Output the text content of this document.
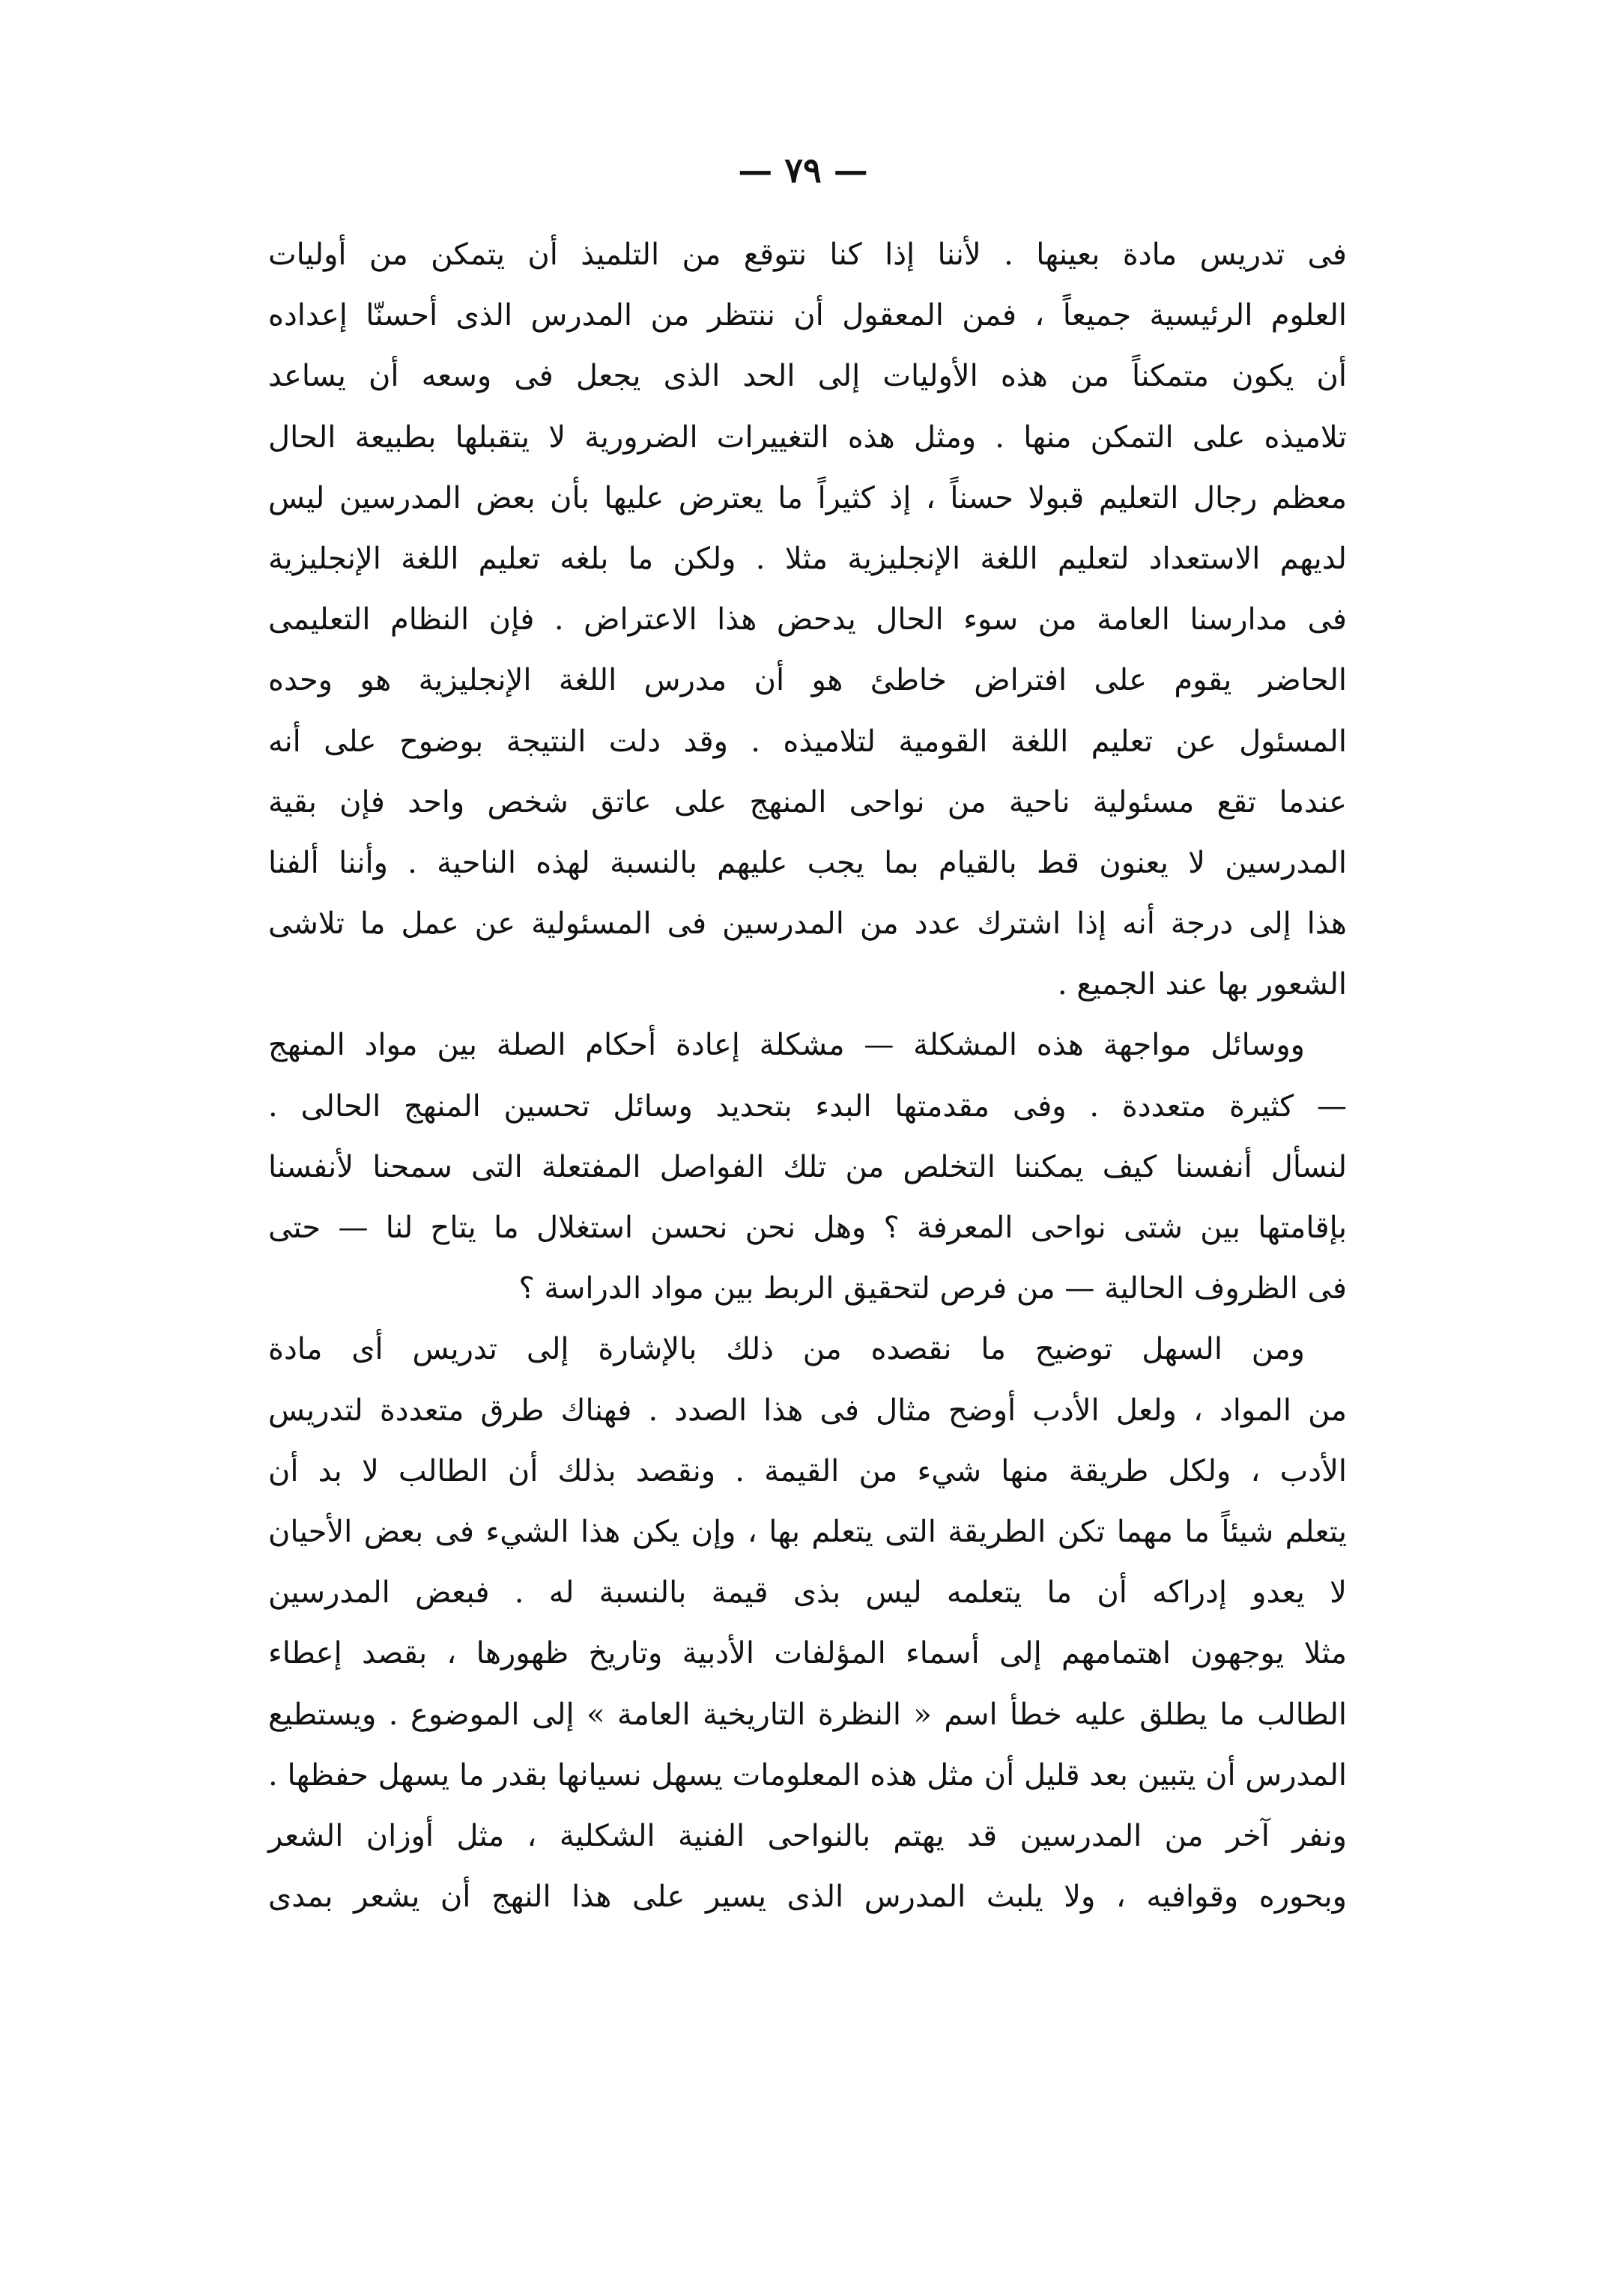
— ٧٩ —
فى تدريس مادة بعينها . لأننا إذا كنا نتوقع من التلميذ أن يتمكن من أوليات
العلوم الرئيسية جميعاً ، فمن المعقول أن ننتظر من المدرس الذى أحسنّا إعداده
أن يكون متمكناً من هذه الأوليات إلى الحد الذى يجعل فى وسعه أن يساعد
تلاميذه على التمكن منها . ومثل هذه التغييرات الضرورية لا يتقبلها بطبيعة الحال
معظم رجال التعليم قبولا حسناً ، إذ كثيراً ما يعترض عليها بأن بعض المدرسين ليس
لديهم الاستعداد لتعليم اللغة الإنجليزية مثلا . ولكن ما بلغه تعليم اللغة الإنجليزية
فى مدارسنا العامة من سوء الحال يدحض هذا الاعتراض . فإن النظام التعليمى
الحاضر يقوم على افتراض خاطئ هو أن مدرس اللغة الإنجليزية هو وحده
المسئول عن تعليم اللغة القومية لتلاميذه . وقد دلت النتيجة بوضوح على أنه
عندما تقع مسئولية ناحية من نواحى المنهج على عاتق شخص واحد فإن بقية
المدرسين لا يعنون قط بالقيام بما يجب عليهم بالنسبة لهذه الناحية . وأننا ألفنا
هذا إلى درجة أنه إذا اشترك عدد من المدرسين فى المسئولية عن عمل ما تلاشى
الشعور بها عند الجميع .
ووسائل مواجهة هذه المشكلة — مشكلة إعادة أحكام الصلة بين مواد المنهج
— كثيرة متعددة . وفى مقدمتها البدء بتحديد وسائل تحسين المنهج الحالى .
لنسأل أنفسنا كيف يمكننا التخلص من تلك الفواصل المفتعلة التى سمحنا لأنفسنا
بإقامتها بين شتى نواحى المعرفة ؟ وهل نحن نحسن استغلال ما يتاح لنا — حتى
فى الظروف الحالية — من فرص لتحقيق الربط بين مواد الدراسة ؟
ومن السهل توضيح ما نقصده من ذلك بالإشارة إلى تدريس أى مادة
من المواد ، ولعل الأدب أوضح مثال فى هذا الصدد . فهناك طرق متعددة لتدريس
الأدب ، ولكل طريقة منها شيء من القيمة . ونقصد بذلك أن الطالب لا بد أن
يتعلم شيئاً ما مهما تكن الطريقة التى يتعلم بها ، وإن يكن هذا الشيء فى بعض الأحيان
لا يعدو إدراكه أن ما يتعلمه ليس بذى قيمة بالنسبة له . فبعض المدرسين
مثلا يوجهون اهتمامهم إلى أسماء المؤلفات الأدبية وتاريخ ظهورها ، بقصد إعطاء
الطالب ما يطلق عليه خطأ اسم « النظرة التاريخية العامة » إلى الموضوع . ويستطيع
المدرس أن يتبين بعد قليل أن مثل هذه المعلومات يسهل نسيانها بقدر ما يسهل حفظها .
ونفر آخر من المدرسين قد يهتم بالنواحى الفنية الشكلية ، مثل أوزان الشعر
وبحوره وقوافيه ، ولا يلبث المدرس الذى يسير على هذا النهج أن يشعر بمدى
